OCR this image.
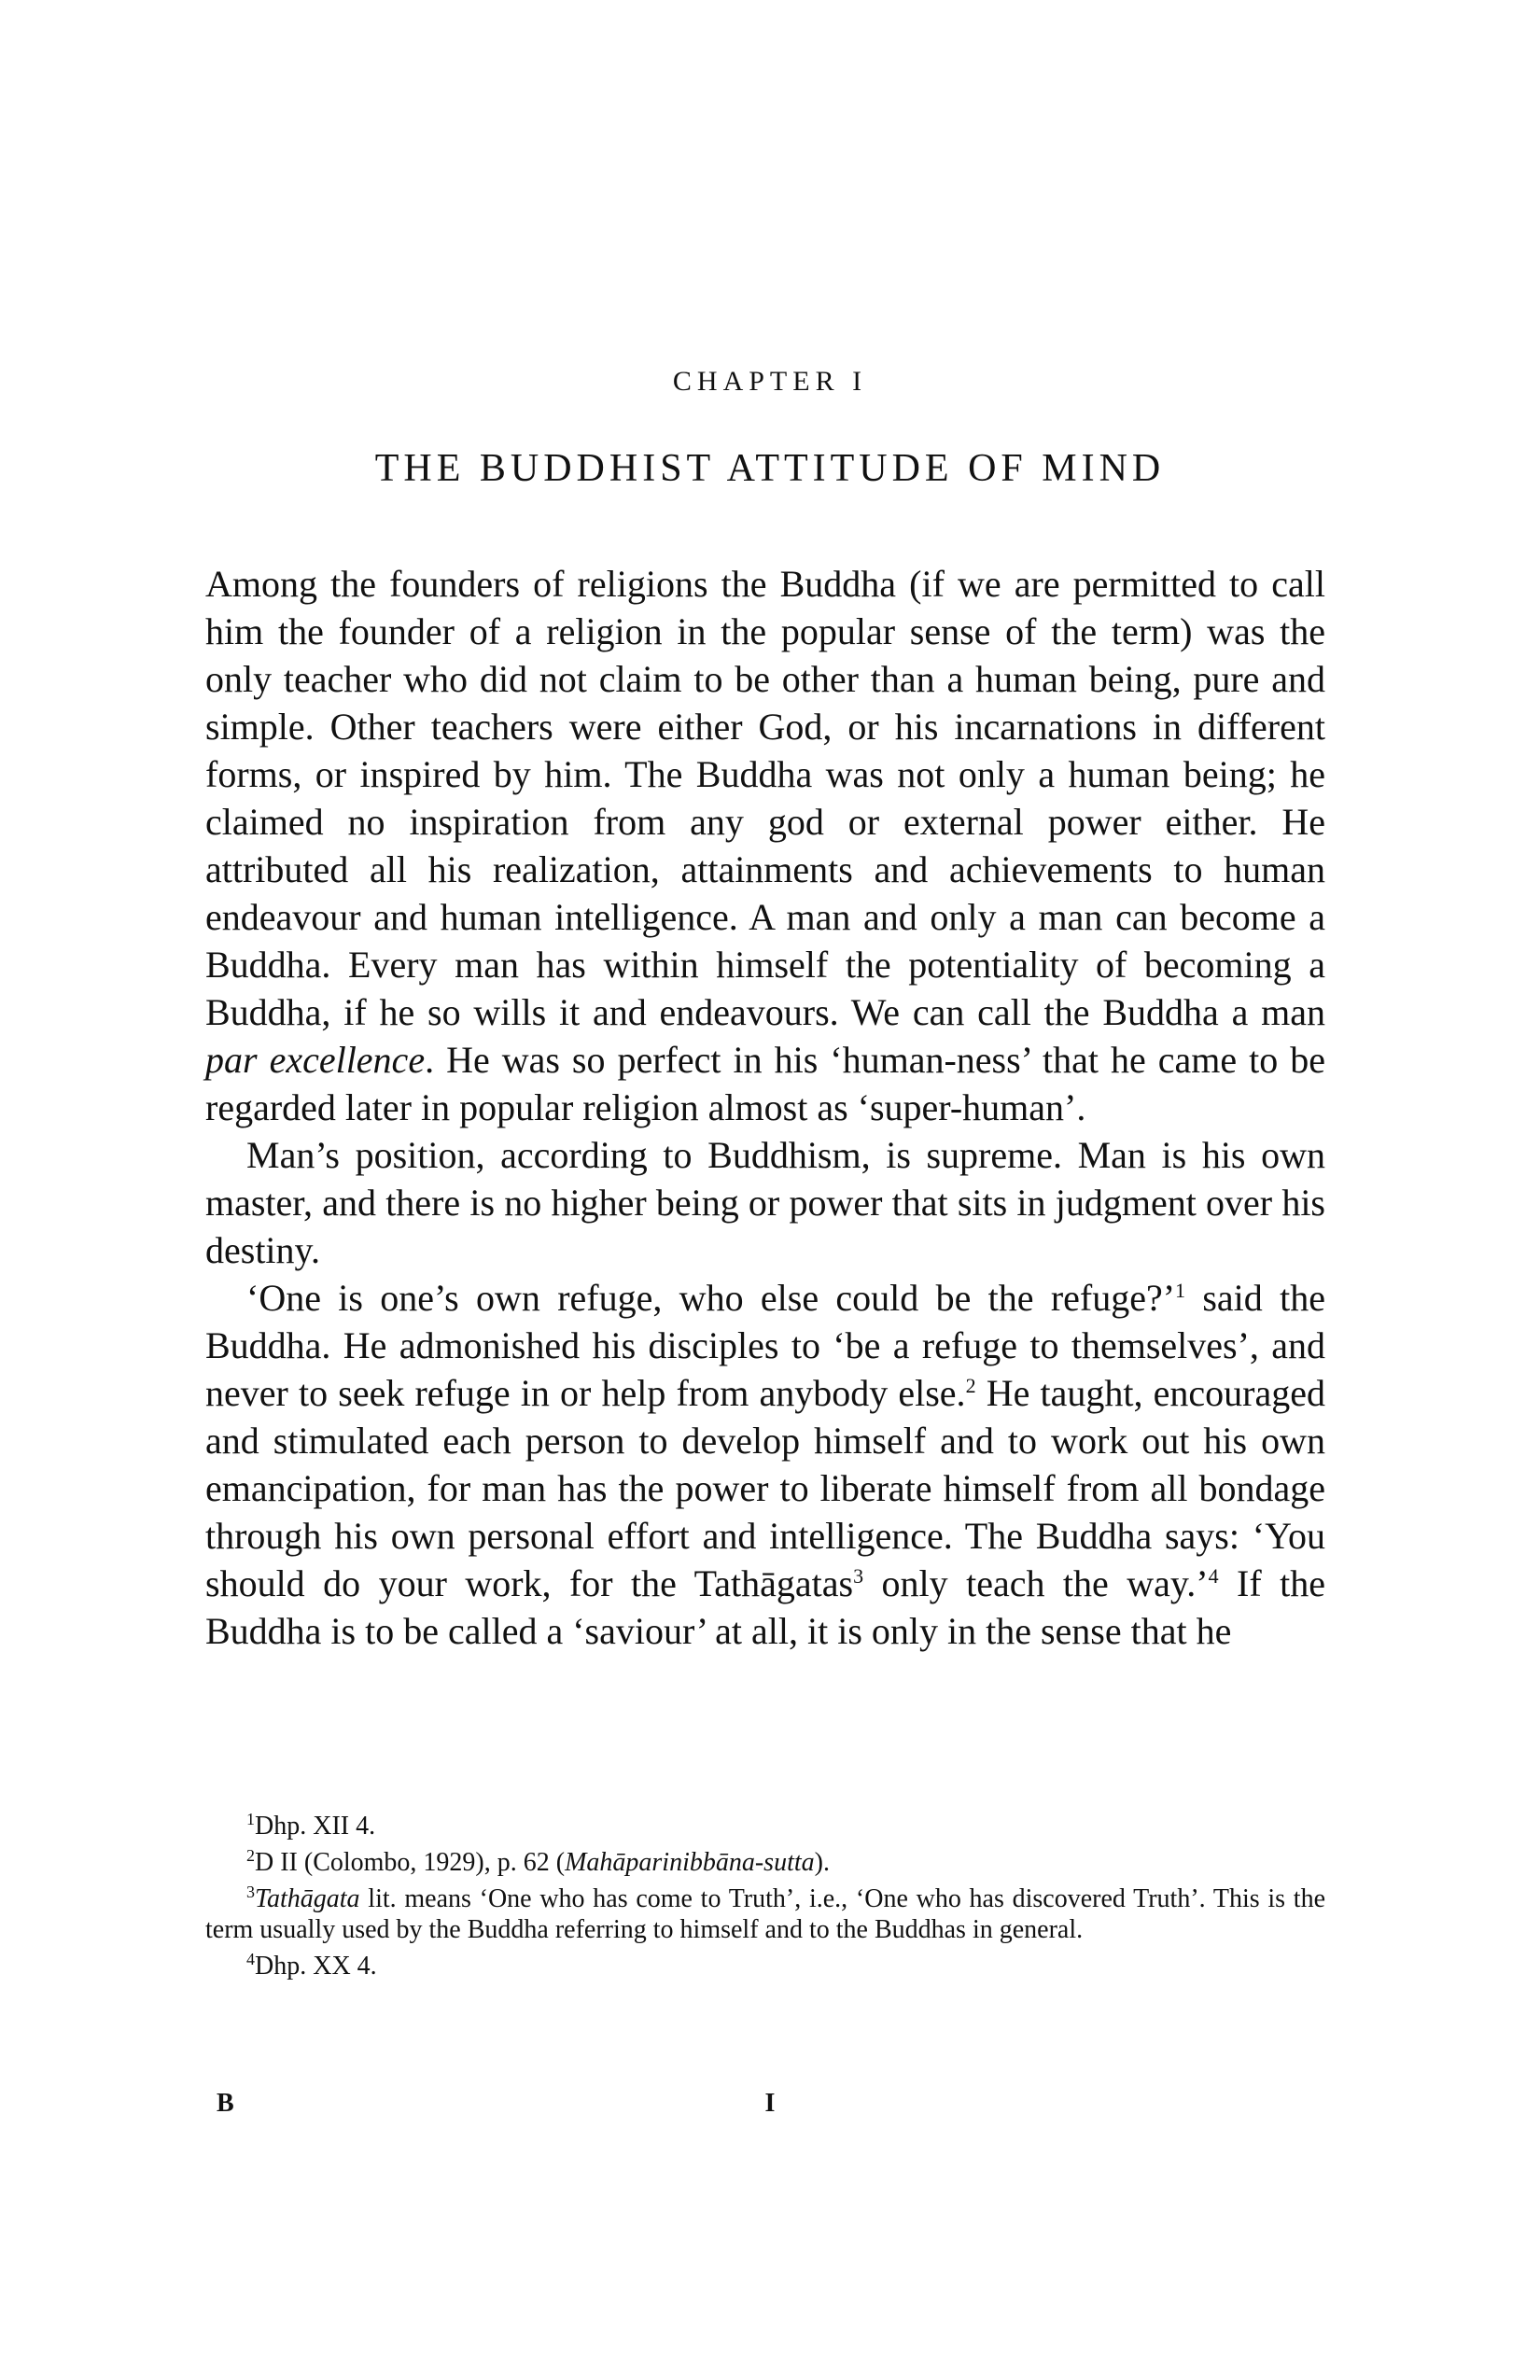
CHAPTER I
THE BUDDHIST ATTITUDE OF MIND

Among the founders of religions the Buddha (if we are permitted to call him the founder of a religion in the popular sense of the term) was the only teacher who did not claim to be other than a human being, pure and simple. Other teachers were either God, or his incarnations in different forms, or inspired by him. The Buddha was not only a human being; he claimed no inspiration from any god or external power either. He attributed all his realization, attainments and achievements to human endeavour and human intelligence. A man and only a man can become a Buddha. Every man has within himself the potentiality of becoming a Buddha, if he so wills it and endeavours. We can call the Buddha a man par excellence. He was so perfect in his ‘human-ness’ that he came to be regarded later in popular religion almost as ‘super-human’.

Man’s position, according to Buddhism, is supreme. Man is his own master, and there is no higher being or power that sits in judgment over his destiny.

‘One is one’s own refuge, who else could be the refuge?’$^1$ said the Buddha. He admonished his disciples to ‘be a refuge to themselves’, and never to seek refuge in or help from anybody else.$^2$ He taught, encouraged and stimulated each person to develop himself and to work out his own emancipation, for man has the power to liberate himself from all bondage through his own personal effort and intelligence. The Buddha says: ‘You should do your work, for the Tathāgatas$^3$ only teach the way.’$^4$ If the Buddha is to be called a ‘saviour’ at all, it is only in the sense that he

$^1$Dhp. XII 4.

$^2$D II (Colombo, 1929), p. 62 (Mahāparinibbāna-sutta).

$^3$Tathāgata lit. means ‘One who has come to Truth’, i.e., ‘One who has discovered Truth’. This is the term usually used by the Buddha referring to himself and to the Buddhas in general.

$^4$Dhp. XX 4.

B	I
